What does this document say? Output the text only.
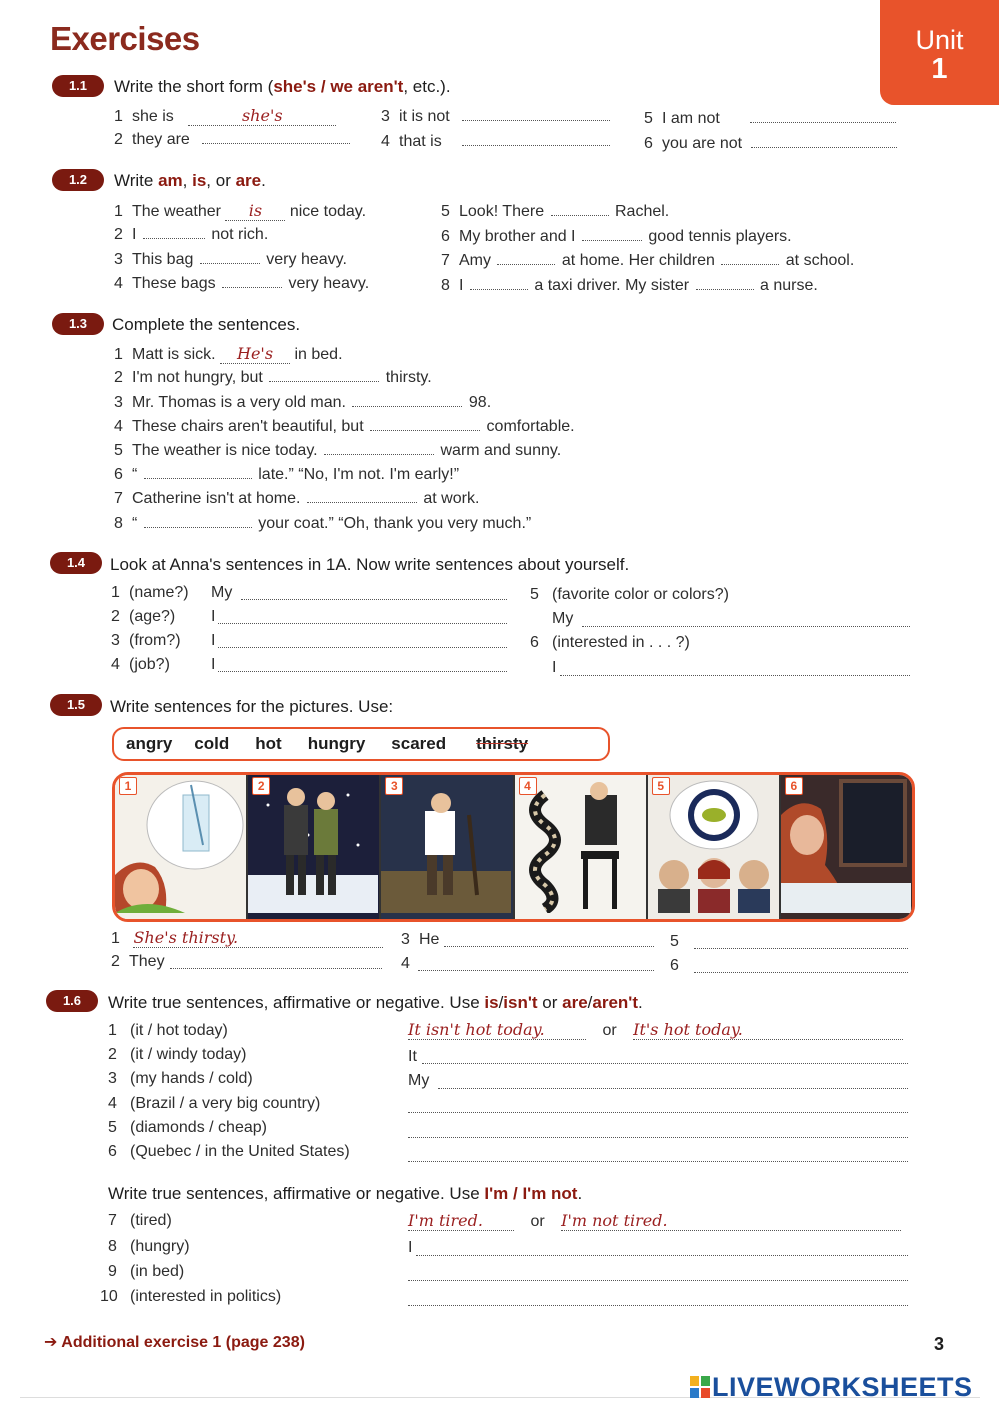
Exercises	Unit
1
1.1	Write the short form (she's / we aren't, etc.).
1 she is	she's
2 they are
3 it is not
4 that is
5 I am not
6 you are not
1.2	Write am, is, or are.
1 The weather is nice today.
2 I	not rich.
3 This bag	very heavy.
4 These bags	very heavy.
5 Look! There	Rachel.
6 My brother and I	good tennis players.
7 Amy	at home. Her children	at school.
8 I	a taxi driver. My sister	a nurse.
1.3	Complete the sentences.
1 Matt is sick. He's in bed.
2 I'm not hungry, but	thirsty.
3 Mr. Thomas is a very old man.	98.
4 These chairs aren't beautiful, but	comfortable.
5 The weather is nice today.	warm and sunny.
6 “	late.” “No, I'm not. I'm early!”
7 Catherine isn't at home.	at work.
8 “	your coat.” “Oh, thank you very much.”
1.4	Look at Anna's sentences in 1A. Now write sentences about yourself.
1 (name?) My
2 (age?) I
3 (from?) I
4 (job?)	I
5 (favorite color or colors?)
My
6 (interested in . . . ?)
I
1.5	Write sentences for the pictures. Use:
angry cold hot hungry scared thirsty
1	2	3	4	5	6
1 She's thirsty.
2 They
3 He
4
5
6
1.6	Write true sentences, affirmative or negative. Use is/isn't or are/aren't.
1 (it / hot today)	It isn't hot today.	or It's hot today.
2 (it / windy today)	It
3 (my hands / cold)	My
4 (Brazil / a very big country)
5 (diamonds / cheap)
6 (Quebec / in the United States)
Write true sentences, affirmative or negative. Use I'm / I'm not.
7 (tired)	I'm tired.	or I'm not tired.
8 (hungry)	I
9 (in bed)
10 (interested in politics)
➔ Additional exercise 1 (page 238)	3
LIVEWORKSHEETS
